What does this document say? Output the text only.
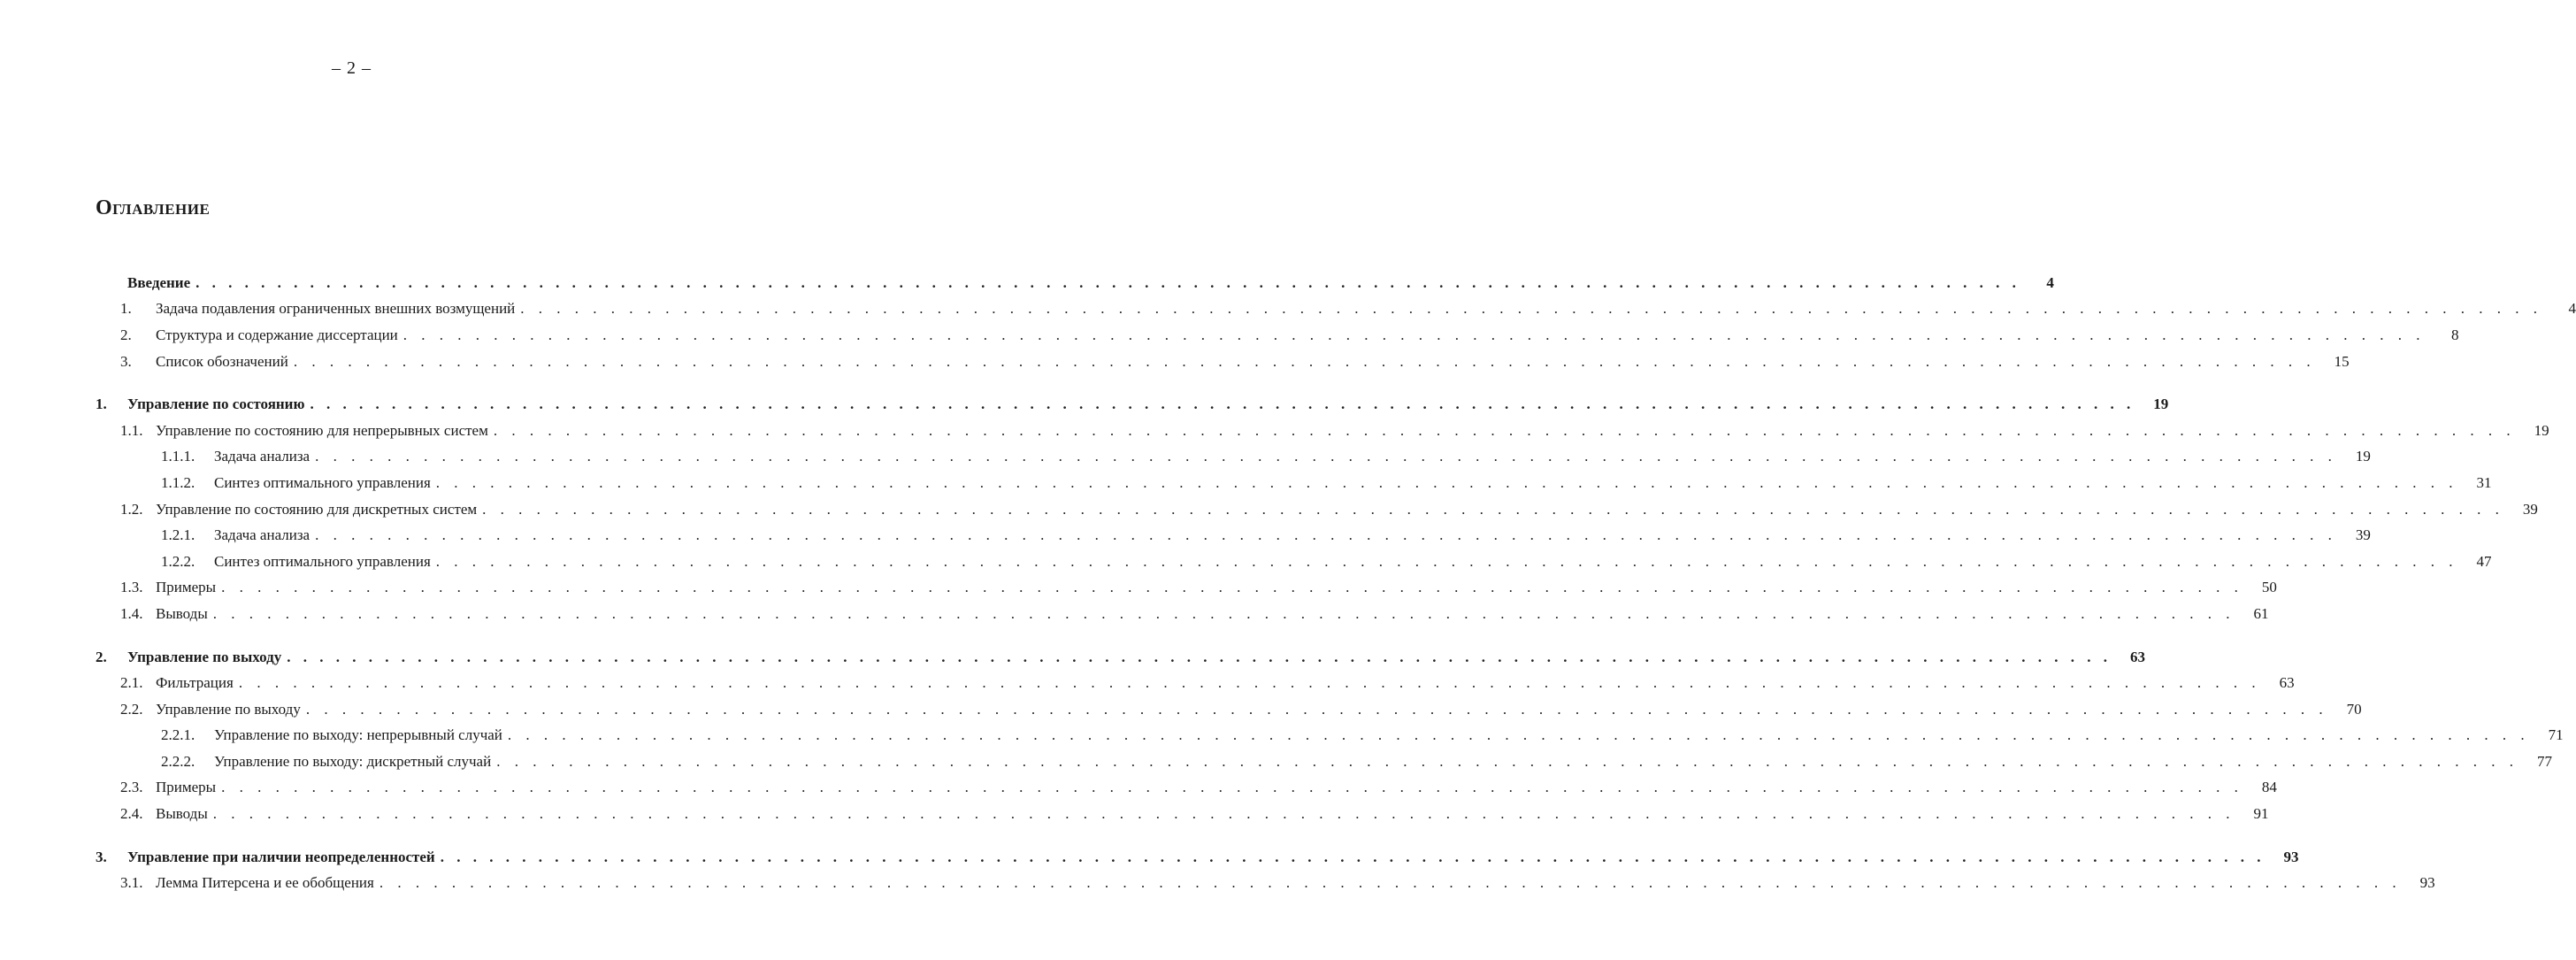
– 2 –
Оглавление
Введение . . . . . . . . . . . . . . . . . . . . . . . . . . . . . . . . . . . . . . . . . . . . . . . . . . . . . . . . . . . . . . . . . . . . . . . . . . . . . . . . . . . . . . . . . . . . . . . . . . . . . . . . . . . . . . . .	4
1.	Задача подавления ограниченных внешних возмущений . . . . . . . . . . . . . . . . . . . . . . . . . . . . . . . . . . . . . . . . . . . . . . . . . . . . . . . . . . . . . . . . . . . . . . . . . . . . . . . . . . . . . . . . . . . . . . . . . . . . . . . . . . . . . . . .	4
2.	Структура и содержание диссертации . . . . . . . . . . . . . . . . . . . . . . . . . . . . . . . . . . . . . . . . . . . . . . . . . . . . . . . . . . . . . . . . . . . . . . . . . . . . . . . . . . . . . . . . . . . . . . . . . . . . . . . . . . . . . . . .	8
3.	Список обозначений . . . . . . . . . . . . . . . . . . . . . . . . . . . . . . . . . . . . . . . . . . . . . . . . . . . . . . . . . . . . . . . . . . . . . . . . . . . . . . . . . . . . . . . . . . . . . . . . . . . . . . . . . . . . . . . .	15
1.	Управление по состоянию . . . . . . . . . . . . . . . . . . . . . . . . . . . . . . . . . . . . . . . . . . . . . . . . . . . . . . . . . . . . . . . . . . . . . . . . . . . . . . . . . . . . . . . . . . . . . . . . . . . . . . . . . . . . . . . .	19
1.1. Управление по состоянию для непрерывных систем . . . . . . . . . . . . . . . . . . . . . . . . . . . . . . . . . . . . . . . . . . . . . . . . . . . . . . . . . . . . . . . . . . . . . . . . . . . . . . . . . . . . . . . . . . . . . . . . . . . . . . . . . . . . . . . .	19
1.1.1.	Задача анализа . . . . . . . . . . . . . . . . . . . . . . . . . . . . . . . . . . . . . . . . . . . . . . . . . . . . . . . . . . . . . . . . . . . . . . . . . . . . . . . . . . . . . . . . . . . . . . . . . . . . . . . . . . . . . . . .	19
1.1.2.	Синтез оптимального управления . . . . . . . . . . . . . . . . . . . . . . . . . . . . . . . . . . . . . . . . . . . . . . . . . . . . . . . . . . . . . . . . . . . . . . . . . . . . . . . . . . . . . . . . . . . . . . . . . . . . . . . . . . . . . . . .	31
1.2. Управление по состоянию для дискретных систем . . . . . . . . . . . . . . . . . . . . . . . . . . . . . . . . . . . . . . . . . . . . . . . . . . . . . . . . . . . . . . . . . . . . . . . . . . . . . . . . . . . . . . . . . . . . . . . . . . . . . . . . . . . . . . . .	39
1.2.1.	Задача анализа . . . . . . . . . . . . . . . . . . . . . . . . . . . . . . . . . . . . . . . . . . . . . . . . . . . . . . . . . . . . . . . . . . . . . . . . . . . . . . . . . . . . . . . . . . . . . . . . . . . . . . . . . . . . . . . .	39
1.2.2.	Синтез оптимального управления . . . . . . . . . . . . . . . . . . . . . . . . . . . . . . . . . . . . . . . . . . . . . . . . . . . . . . . . . . . . . . . . . . . . . . . . . . . . . . . . . . . . . . . . . . . . . . . . . . . . . . . . . . . . . . . .	47
1.3. Примеры . . . . . . . . . . . . . . . . . . . . . . . . . . . . . . . . . . . . . . . . . . . . . . . . . . . . . . . . . . . . . . . . . . . . . . . . . . . . . . . . . . . . . . . . . . . . . . . . . . . . . . . . . . . . . . . .	50
1.4. Выводы . . . . . . . . . . . . . . . . . . . . . . . . . . . . . . . . . . . . . . . . . . . . . . . . . . . . . . . . . . . . . . . . . . . . . . . . . . . . . . . . . . . . . . . . . . . . . . . . . . . . . . . . . . . . . . . .	61
2.	Управление по выходу . . . . . . . . . . . . . . . . . . . . . . . . . . . . . . . . . . . . . . . . . . . . . . . . . . . . . . . . . . . . . . . . . . . . . . . . . . . . . . . . . . . . . . . . . . . . . . . . . . . . . . . . . . . . . . . .	63
2.1. Фильтрация . . . . . . . . . . . . . . . . . . . . . . . . . . . . . . . . . . . . . . . . . . . . . . . . . . . . . . . . . . . . . . . . . . . . . . . . . . . . . . . . . . . . . . . . . . . . . . . . . . . . . . . . . . . . . . . .	63
2.2. Управление по выходу . . . . . . . . . . . . . . . . . . . . . . . . . . . . . . . . . . . . . . . . . . . . . . . . . . . . . . . . . . . . . . . . . . . . . . . . . . . . . . . . . . . . . . . . . . . . . . . . . . . . . . . . . . . . . . . .	70
2.2.1.	Управление по выходу: непрерывный случай . . . . . . . . . . . . . . . . . . . . . . . . . . . . . . . . . . . . . . . . . . . . . . . . . . . . . . . . . . . . . . . . . . . . . . . . . . . . . . . . . . . . . . . . . . . . . . . . . . . . . . . . . . . . . . . .	71
2.2.2.	Управление по выходу: дискретный случай . . . . . . . . . . . . . . . . . . . . . . . . . . . . . . . . . . . . . . . . . . . . . . . . . . . . . . . . . . . . . . . . . . . . . . . . . . . . . . . . . . . . . . . . . . . . . . . . . . . . . . . . . . . . . . . .	77
2.3. Примеры . . . . . . . . . . . . . . . . . . . . . . . . . . . . . . . . . . . . . . . . . . . . . . . . . . . . . . . . . . . . . . . . . . . . . . . . . . . . . . . . . . . . . . . . . . . . . . . . . . . . . . . . . . . . . . . .	84
2.4. Выводы . . . . . . . . . . . . . . . . . . . . . . . . . . . . . . . . . . . . . . . . . . . . . . . . . . . . . . . . . . . . . . . . . . . . . . . . . . . . . . . . . . . . . . . . . . . . . . . . . . . . . . . . . . . . . . . .	91
3.	Управление при наличии неопределенностей . . . . . . . . . . . . . . . . . . . . . . . . . . . . . . . . . . . . . . . . . . . . . . . . . . . . . . . . . . . . . . . . . . . . . . . . . . . . . . . . . . . . . . . . . . . . . . . . . . . . . . . . . . . . . . . .	93
3.1. Лемма Питерсена и ее обобщения . . . . . . . . . . . . . . . . . . . . . . . . . . . . . . . . . . . . . . . . . . . . . . . . . . . . . . . . . . . . . . . . . . . . . . . . . . . . . . . . . . . . . . . . . . . . . . . . . . . . . . . . . . . . . . . .	93
